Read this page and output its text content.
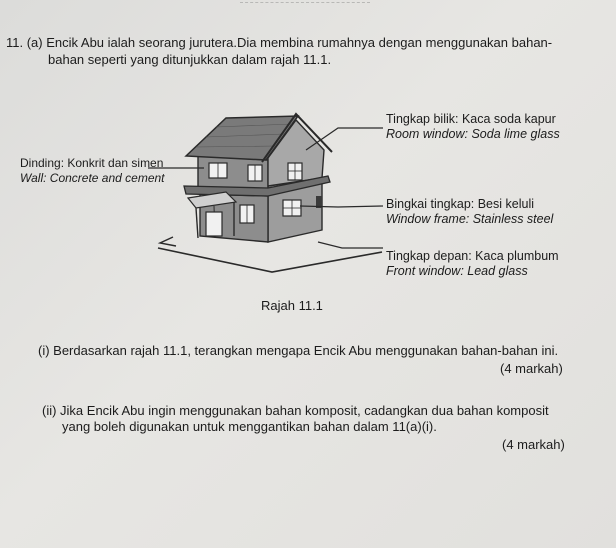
11. (a) Encik Abu ialah seorang jurutera.Dia membina rumahnya dengan menggunakan bahan-
bahan seperti yang ditunjukkan dalam rajah 11.1.
Tingkap bilik: Kaca soda kapur
Room window: Soda lime glass
Dinding: Konkrit dan simen
Wall: Concrete and cement
Bingkai tingkap: Besi keluli
Window frame: Stainless steel
Tingkap depan: Kaca plumbum
Front window: Lead glass
Rajah 11.1
(i) Berdasarkan rajah 11.1, terangkan mengapa Encik Abu menggunakan bahan-bahan ini.
(4 markah)
(ii) Jika Encik Abu ingin menggunakan bahan komposit, cadangkan dua bahan komposit
yang boleh digunakan untuk menggantikan bahan dalam 11(a)(i).
(4 markah)
